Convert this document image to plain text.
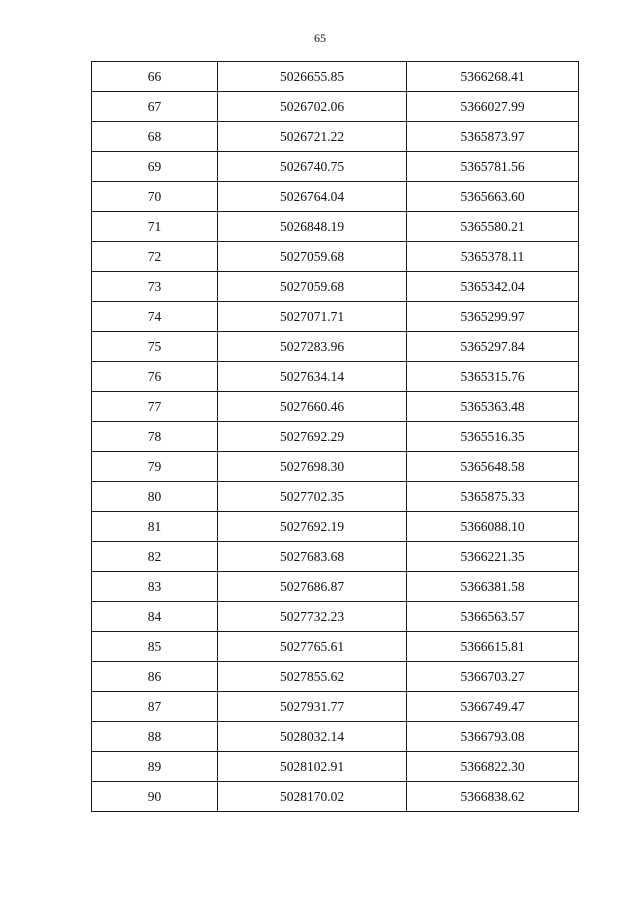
65
66	5026655.85	5366268.41
67	5026702.06	5366027.99
68	5026721.22	5365873.97
69	5026740.75	5365781.56
70	5026764.04	5365663.60
71	5026848.19	5365580.21
72	5027059.68	5365378.11
73	5027059.68	5365342.04
74	5027071.71	5365299.97
75	5027283.96	5365297.84
76	5027634.14	5365315.76
77	5027660.46	5365363.48
78	5027692.29	5365516.35
79	5027698.30	5365648.58
80	5027702.35	5365875.33
81	5027692.19	5366088.10
82	5027683.68	5366221.35
83	5027686.87	5366381.58
84	5027732.23	5366563.57
85	5027765.61	5366615.81
86	5027855.62	5366703.27
87	5027931.77	5366749.47
88	5028032.14	5366793.08
89	5028102.91	5366822.30
90	5028170.02	5366838.62
